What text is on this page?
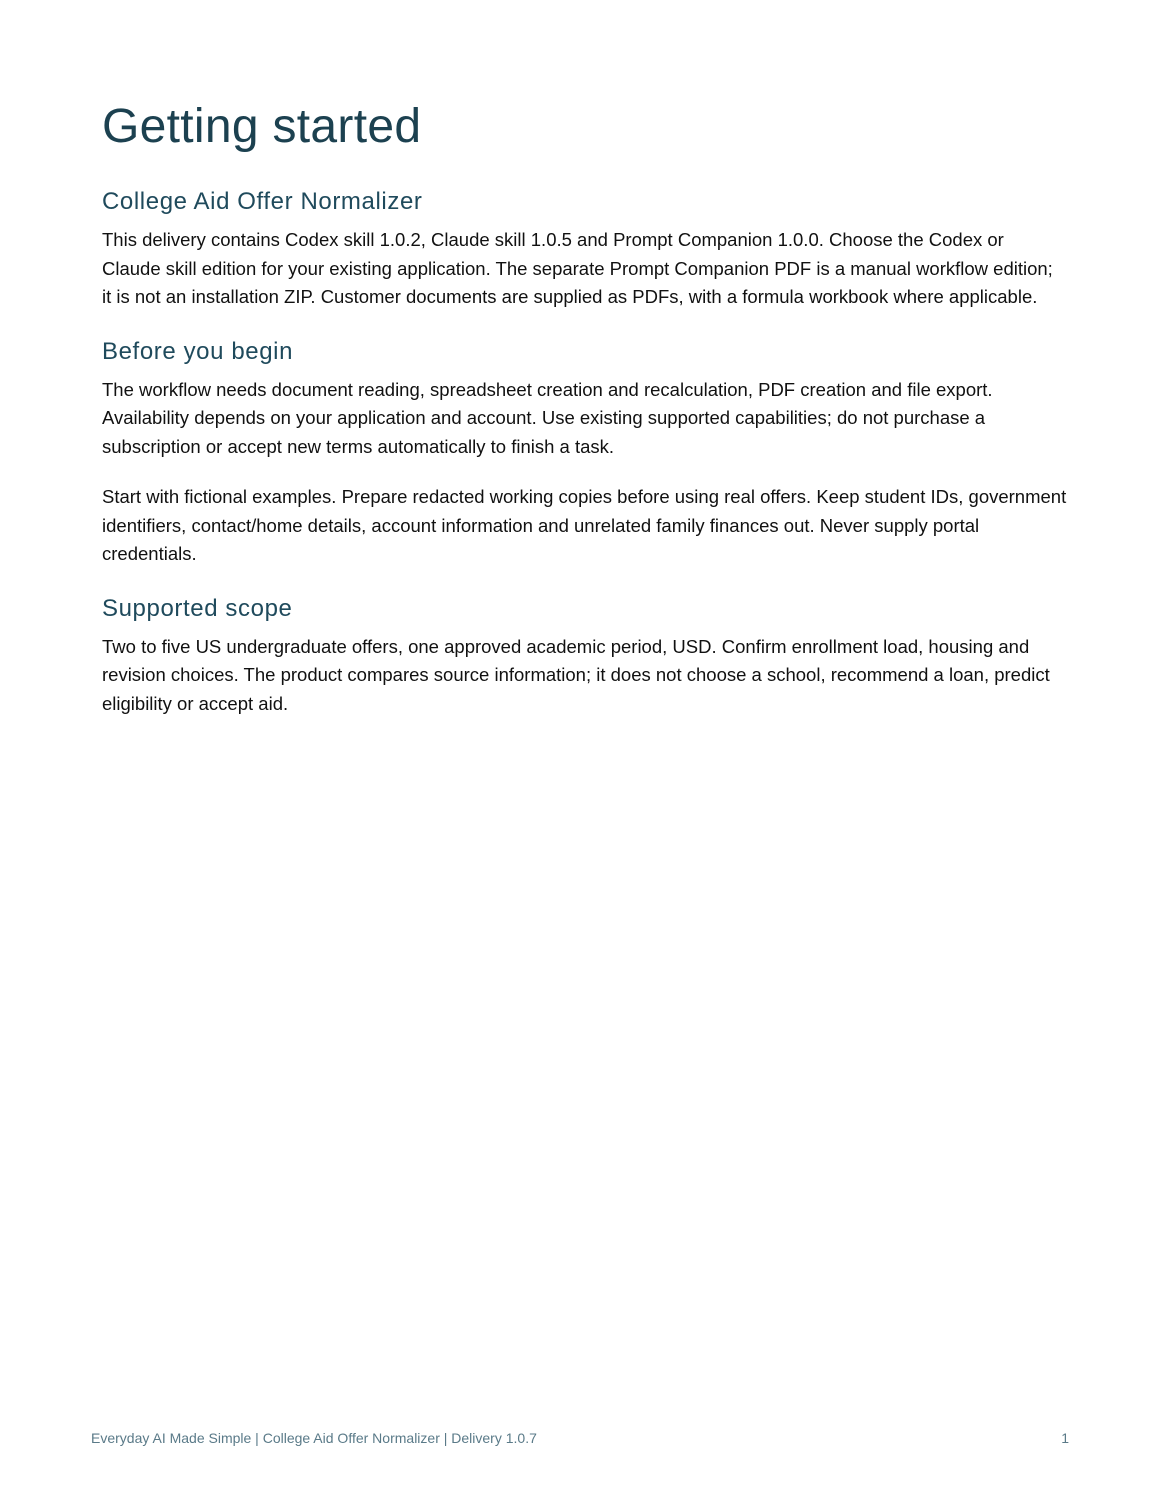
Getting started
College Aid Offer Normalizer

This delivery contains Codex skill 1.0.2, Claude skill 1.0.5 and Prompt Companion 1.0.0. Choose the Codex or Claude skill edition for your existing application. The separate Prompt Companion PDF is a manual workflow edition; it is not an installation ZIP. Customer documents are supplied as PDFs, with a formula workbook where applicable.

Before you begin

The workflow needs document reading, spreadsheet creation and recalculation, PDF creation and file export. Availability depends on your application and account. Use existing supported capabilities; do not purchase a subscription or accept new terms automatically to finish a task.

Start with fictional examples. Prepare redacted working copies before using real offers. Keep student IDs, government identifiers, contact/home details, account information and unrelated family finances out. Never supply portal credentials.

Supported scope

Two to five US undergraduate offers, one approved academic period, USD. Confirm enrollment load, housing and revision choices. The product compares source information; it does not choose a school, recommend a loan, predict eligibility or accept aid.

Everyday AI Made Simple | College Aid Offer Normalizer | Delivery 1.0.7	1
